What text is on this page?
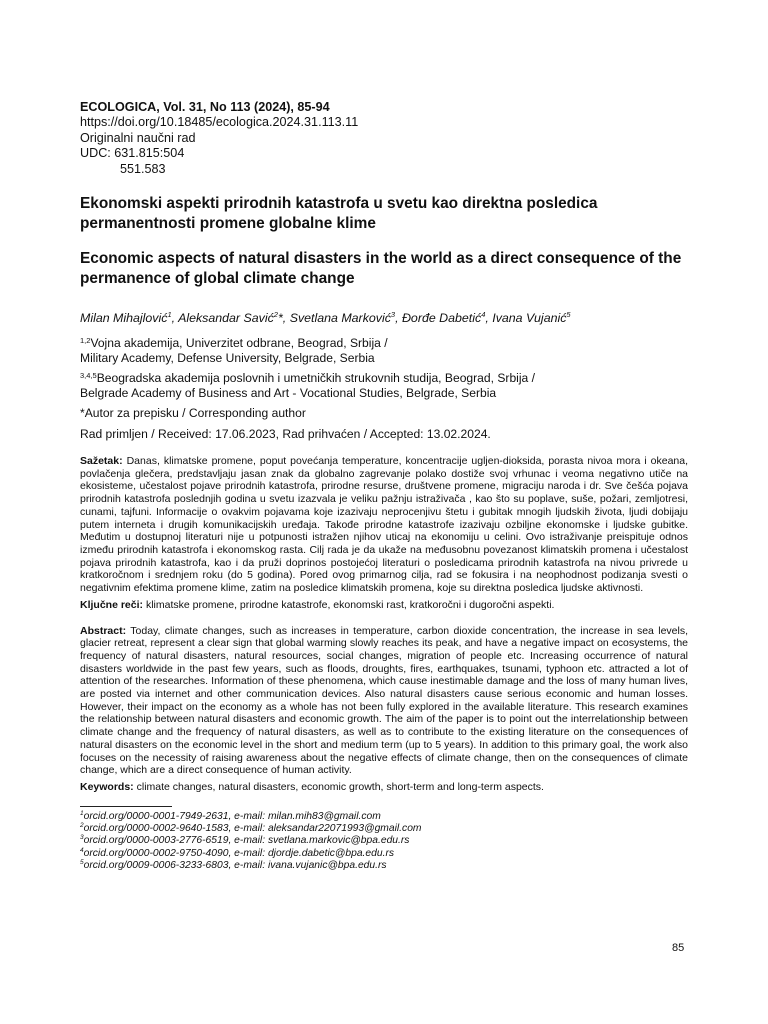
ECOLOGICA, Vol. 31, No 113 (2024), 85-94
https://doi.org/10.18485/ecologica.2024.31.113.11
Originalni naučni rad
UDC: 631.815:504
551.583
Ekonomski aspekti prirodnih katastrofa u svetu kao direktna posledica permanentnosti promene globalne klime
Economic aspects of natural disasters in the world as a direct consequence of the permanence of global climate change
Milan Mihajlović$^1$, Aleksandar Savić$^2$*, Svetlana Marković$^3$, Đorđe Dabetić$^4$, Ivana Vujanić$^5$
$^{1,2}$Vojna akademija, Univerzitet odbrane, Beograd, Srbija /
Military Academy, Defense University, Belgrade, Serbia
$^{3,4,5}$Beogradska akademija poslovnih i umetničkih strukovnih studija, Beograd, Srbija /
Belgrade Academy of Business and Art - Vocational Studies, Belgrade, Serbia
*Autor za prepisku / Corresponding author
Rad primljen / Received: 17.06.2023, Rad prihvaćen / Accepted: 13.02.2024.
Sažetak: Danas, klimatske promene, poput povećanja temperature, koncentracije ugljen-dioksida, porasta nivoa mora i okeana, povlačenja glečera, predstavljaju jasan znak da globalno zagrevanje polako dostiže svoj vrhunac i veoma negativno utiče na ekosisteme, učestalost pojave prirodnih katastrofa, prirodne resurse, društvene promene, migraciju naroda i dr. Sve češća pojava prirodnih katastrofa poslednjih godina u svetu izazvala je veliku pažnju istraživača , kao što su poplave, suše, požari, zemljotresi, cunami, tajfuni. Informacije o ovakvim pojavama koje izazivaju neprocenjivu štetu i gubitak mnogih ljudskih života, ljudi dobijaju putem interneta i drugih komunikacijskih uređaja. Takođe prirodne katastrofe izazivaju ozbiljne ekonomske i ljudske gubitke. Međutim u dostupnoj literaturi nije u potpunosti istražen njihov uticaj na ekonomiju u celini. Ovo istraživanje preispituje odnos između prirodnih katastrofa i ekonomskog rasta. Cilj rada je da ukaže na međusobnu povezanost klimatskih promena i učestalost pojava prirodnih katastrofa, kao i da pruži doprinos postojećoj literaturi o posledicama prirodnih katastrofa na nivou privrede u kratkoročnom i srednjem roku (do 5 godina). Pored ovog primarnog cilja, rad se fokusira i na neophodnost podizanja svesti o negativnim efektima promene klime, zatim na posledice klimatskih promena, koje su direktna posledica ljudske aktivnosti.
Ključne reči: klimatske promene, prirodne katastrofe, ekonomski rast, kratkoročni i dugoročni aspekti.
Abstract: Today, climate changes, such as increases in temperature, carbon dioxide concentration, the increase in sea levels, glacier retreat, represent a clear sign that global warming slowly reaches its peak, and have a negative impact on ecosystems, the frequency of natural disasters, natural resources, social changes, migration of people etc. Increasing occurrence of natural disasters worldwide in the past few years, such as floods, droughts, fires, earthquakes, tsunami, typhoon etc. attracted a lot of attention of the researches. Information of these phenomena, which cause inestimable damage and the loss of many human lives, are posted via internet and other communication devices. Also natural disasters cause serious economic and human losses. However, their impact on the economy as a whole has not been fully explored in the available literature. This research examines the relationship between natural disasters and economic growth. The aim of the paper is to point out the interrelationship between climate change and the frequency of natural disasters, as well as to contribute to the existing literature on the consequences of natural disasters on the economic level in the short and medium term (up to 5 years). In addition to this primary goal, the work also focuses on the necessity of raising awareness about the negative effects of climate change, then on the consequences of climate change, which are a direct consequence of human activity.
Keywords: climate changes, natural disasters, economic growth, short-term and long-term aspects.
$^1$orcid.org/0000-0001-7949-2631, e-mail: milan.mih83@gmail.com
$^2$orcid.org/0000-0002-9640-1583, e-mail: aleksandar22071993@gmail.com
$^3$orcid.org/0000-0003-2776-6519, e-mail: svetlana.markovic@bpa.edu.rs
$^4$orcid.org/0000-0002-9750-4090, e-mail: djordje.dabetic@bpa.edu.rs
$^5$orcid.org/0009-0006-3233-6803, e-mail: ivana.vujanic@bpa.edu.rs
85
